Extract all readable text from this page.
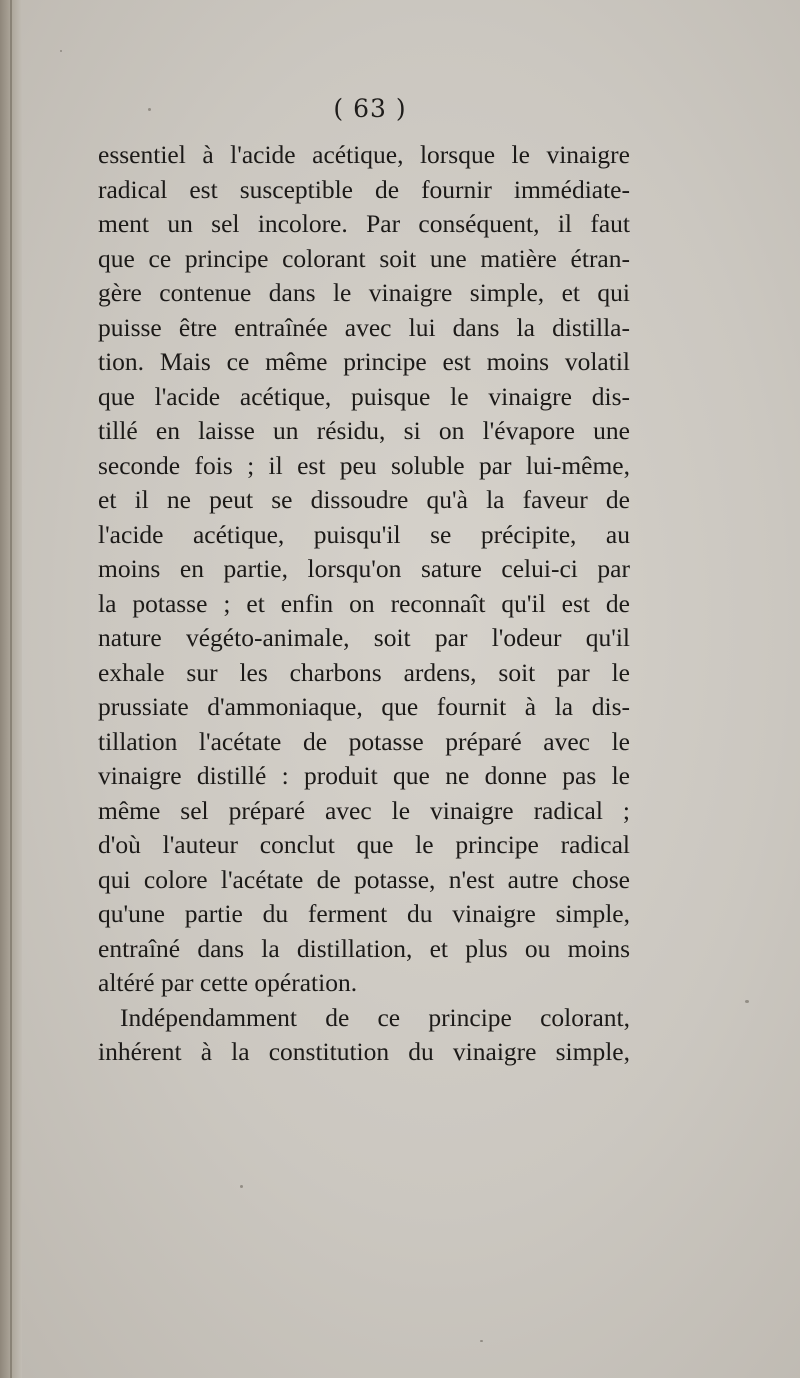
( 63 )
essentiel à l'acide acétique, lorsque le vinaigre
radical est susceptible de fournir immédiate-
ment un sel incolore. Par conséquent, il faut
que ce principe colorant soit une matière étran-
gère contenue dans le vinaigre simple, et qui
puisse être entraînée avec lui dans la distilla-
tion. Mais ce même principe est moins volatil
que l'acide acétique, puisque le vinaigre dis-
tillé en laisse un résidu, si on l'évapore une
seconde fois ; il est peu soluble par lui-même,
et il ne peut se dissoudre qu'à la faveur de
l'acide acétique, puisqu'il se précipite, au
moins en partie, lorsqu'on sature celui-ci par
la potasse ; et enfin on reconnaît qu'il est de
nature végéto-animale, soit par l'odeur qu'il
exhale sur les charbons ardens, soit par le
prussiate d'ammoniaque, que fournit à la dis-
tillation l'acétate de potasse préparé avec le
vinaigre distillé : produit que ne donne pas le
même sel préparé avec le vinaigre radical ;
d'où l'auteur conclut que le principe radical
qui colore l'acétate de potasse, n'est autre chose
qu'une partie du ferment du vinaigre simple,
entraîné dans la distillation, et plus ou moins
altéré par cette opération.
Indépendamment de ce principe colorant,
inhérent à la constitution du vinaigre simple,
